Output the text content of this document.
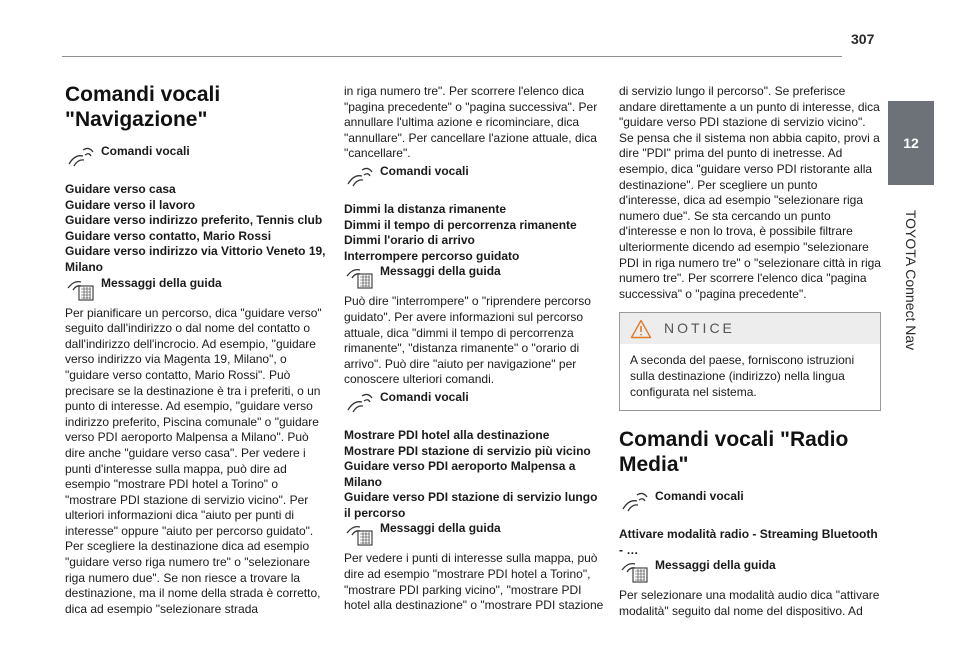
307
12
TOYOTA Connect Nav
Comandi vocali "Navigazione"
Comandi vocali
Guidare verso casa
Guidare verso il lavoro
Guidare verso indirizzo preferito, Tennis club
Guidare verso contatto, Mario Rossi
Guidare verso indirizzo via Vittorio Veneto 19, Milano
Messaggi della guida

Per pianificare un percorso, dica "guidare verso" seguito dall'indirizzo o dal nome del contatto o dall'indirizzo dell'incrocio. Ad esempio, "guidare verso indirizzo via Magenta 19, Milano", o "guidare verso contatto, Mario Rossi". Può precisare se la destinazione è tra i preferiti, o un punto di interesse. Ad esempio, "guidare verso indirizzo preferito, Piscina comunale" o "guidare verso PDI aeroporto Malpensa a Milano". Può dire anche "guidare verso casa". Per vedere i punti d'interesse sulla mappa, può dire ad esempio "mostrare PDI hotel a Torino" o "mostrare PDI stazione di servizio vicino". Per ulteriori informazioni dica "aiuto per punti di interesse" oppure "aiuto per percorso guidato". Per scegliere la destinazione dica ad esempio "guidare verso riga numero tre" o "selezionare riga numero due". Se non riesce a trovare la destinazione, ma il nome della strada è corretto, dica ad esempio "selezionare strada

in riga numero tre". Per scorrere l'elenco dica "pagina precedente" o "pagina successiva". Per annullare l'ultima azione e ricominciare, dica "annullare". Per cancellare l'azione attuale, dica "cancellare".

Comandi vocali
Dimmi la distanza rimanente
Dimmi il tempo di percorrenza rimanente
Dimmi l'orario di arrivo
Interrompere percorso guidato
Messaggi della guida

Può dire "interrompere" o "riprendere percorso guidato". Per avere informazioni sul percorso attuale, dica "dimmi il tempo di percorrenza rimanente", "distanza rimanente" o "orario di arrivo". Può dire "aiuto per navigazione" per conoscere ulteriori comandi.

Comandi vocali
Mostrare PDI hotel alla destinazione
Mostrare PDI stazione di servizio più vicino
Guidare verso PDI aeroporto Malpensa a Milano
Guidare verso PDI stazione di servizio lungo il percorso
Messaggi della guida

Per vedere i punti di interesse sulla mappa, può dire ad esempio "mostrare PDI hotel a Torino", "mostrare PDI parking vicino", "mostrare PDI hotel alla destinazione" o "mostrare PDI stazione

di servizio lungo il percorso". Se preferisce andare direttamente a un punto di interesse, dica "guidare verso PDI stazione di servizio vicino". Se pensa che il sistema non abbia capito, provi a dire "PDI" prima del punto di inetresse. Ad esempio, dica "guidare verso PDI ristorante alla destinazione". Per scegliere un punto d'interesse, dica ad esempio "selezionare riga numero due". Se sta cercando un punto d'interesse e non lo trova, è possibile filtrare ulteriormente dicendo ad esempio "selezionare PDI in riga numero tre" o "selezionare città in riga numero tre". Per scorrere l'elenco dica "pagina successiva" o "pagina precedente".

NOTICE
A seconda del paese, forniscono istruzioni sulla destinazione (indirizzo) nella lingua configurata nel sistema.
Comandi vocali "Radio Media"
Comandi vocali
Attivare modalità radio - Streaming Bluetooth - …
Messaggi della guida

Per selezionare una modalità audio dica "attivare modalità" seguito dal nome del dispositivo. Ad
